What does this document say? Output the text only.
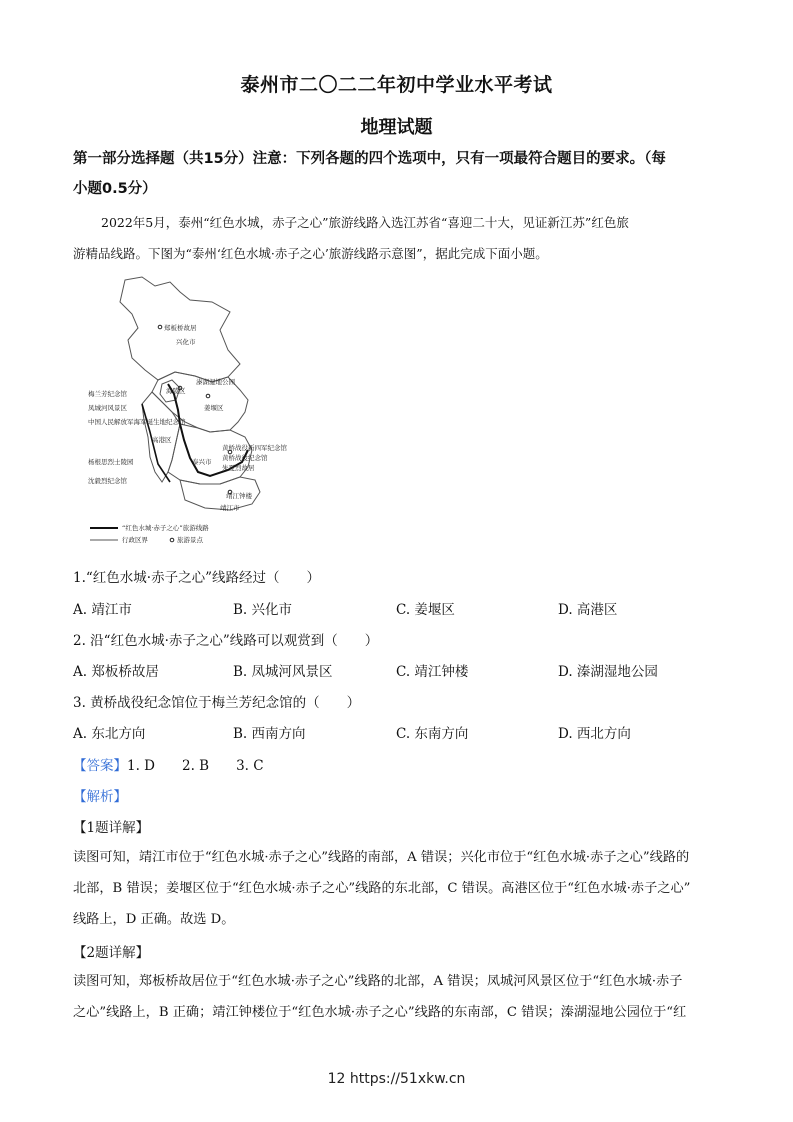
泰州市二〇二二年初中学业水平考试
地理试题
第一部分选择题（共15分）注意：下列各题的四个选项中，只有一项最符合题目的要求。（每
小题0.5分）
2022年5月，泰州“红色水城，赤子之心”旅游线路入选江苏省“喜迎二十大，见证新江苏”红色旅
游精品线路。下图为“泰州‘红色水城·赤子之心’旅游线路示意图”，据此完成下面小题。
郑板桥故居
兴化市
溱湖湿地公园
梅兰芳纪念馆
凤城河风景区
中国人民解放军海军诞生地纪念馆
杨根思烈士陵园
沈毅烈纪念馆
海陵区
姜堰区
高港区
泰兴市
黄桥战役新四军纪念馆
黄桥战役纪念馆
朱夏烈故居
靖江钟楼
靖江市
“红色水城·赤子之心”旅游线路
行政区界	旅游景点
1.“红色水城·赤子之心”线路经过（　　）
A. 靖江市	B. 兴化市	C. 姜堰区	D. 高港区
2. 沿“红色水城·赤子之心”线路可以观赏到（　　）
A. 郑板桥故居	B. 凤城河风景区	C. 靖江钟楼	D. 溱湖湿地公园
3. 黄桥战役纪念馆位于梅兰芳纪念馆的（　　）
A. 东北方向	B. 西南方向	C. 东南方向	D. 西北方向
【答案】1. D　　2. B　　3. C
【解析】
【1题详解】
读图可知，靖江市位于“红色水城·赤子之心”线路的南部，A 错误；兴化市位于“红色水城·赤子之心”线路的
北部，B 错误；姜堰区位于“红色水城·赤子之心”线路的东北部，C 错误。高港区位于“红色水城·赤子之心”
线路上，D 正确。故选 D。
【2题详解】
读图可知，郑板桥故居位于“红色水城·赤子之心”线路的北部，A 错误；凤城河风景区位于“红色水城·赤子
之心”线路上，B 正确；靖江钟楼位于“红色水城·赤子之心”线路的东南部，C 错误；溱湖湿地公园位于“红
12 https://51xkw.cn
